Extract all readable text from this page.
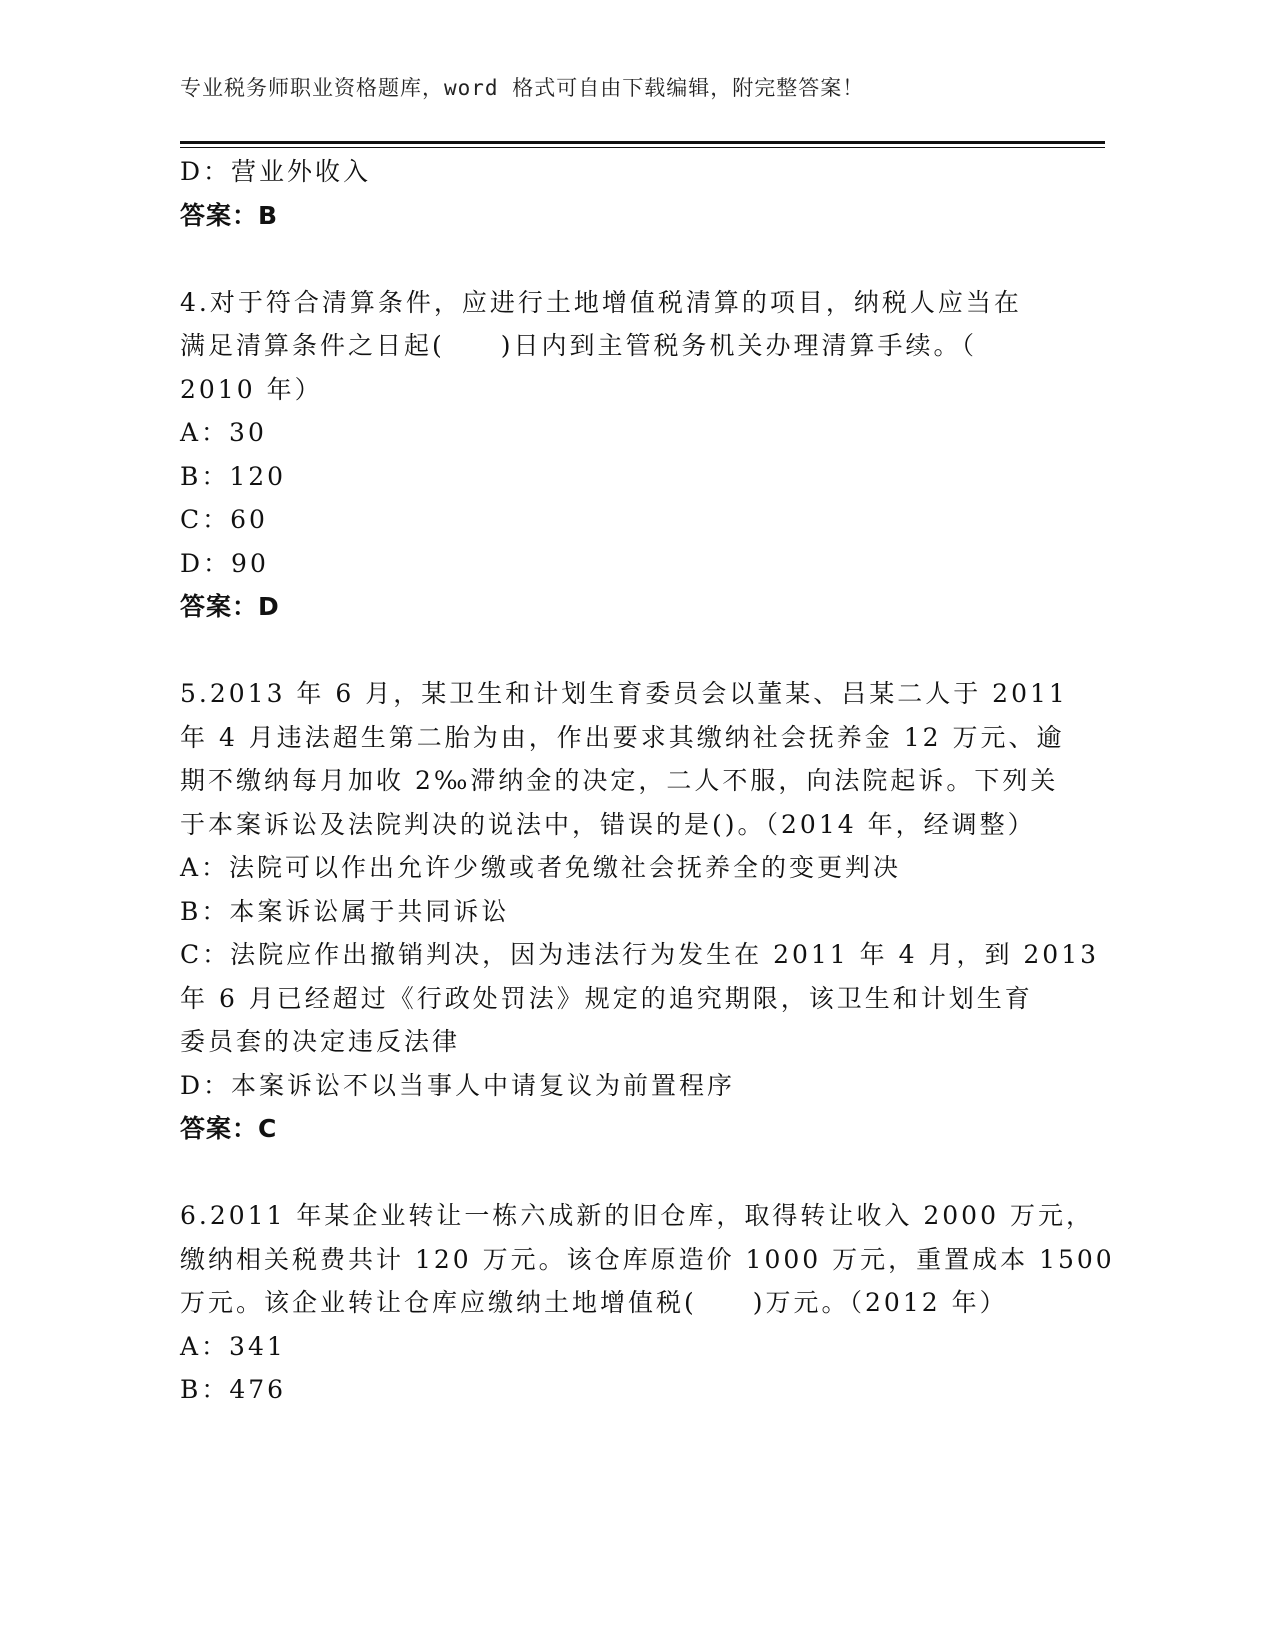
专业税务师职业资格题库，word 格式可自由下载编辑，附完整答案！
D：营业外收入
答案：B
4.对于符合清算条件，应进行土地增值税清算的项目，纳税人应当在
满足清算条件之日起(　　)日内到主管税务机关办理清算手续。（
2010 年）
A：30
B：120
C：60
D：90
答案：D
5.2013 年 6 月，某卫生和计划生育委员会以董某、吕某二人于 2011
年 4 月违法超生第二胎为由，作出要求其缴纳社会抚养金 12 万元、逾
期不缴纳每月加收 2‰滞纳金的决定，二人不服，向法院起诉。下列关
于本案诉讼及法院判决的说法中，错误的是()。（2014 年，经调整）
A：法院可以作出允许少缴或者免缴社会抚养全的变更判决
B：本案诉讼属于共同诉讼
C：法院应作出撤销判决，因为违法行为发生在 2011 年 4 月，到 2013
年 6 月已经超过《行政处罚法》规定的追究期限，该卫生和计划生育
委员套的决定违反法律
D：本案诉讼不以当事人中请复议为前置程序
答案：C
6.2011 年某企业转让一栋六成新的旧仓库，取得转让收入 2000 万元，
缴纳相关税费共计 120 万元。该仓库原造价 1000 万元，重置成本 1500
万元。该企业转让仓库应缴纳土地增值税(　　)万元。（2012 年）
A：341
B：476
